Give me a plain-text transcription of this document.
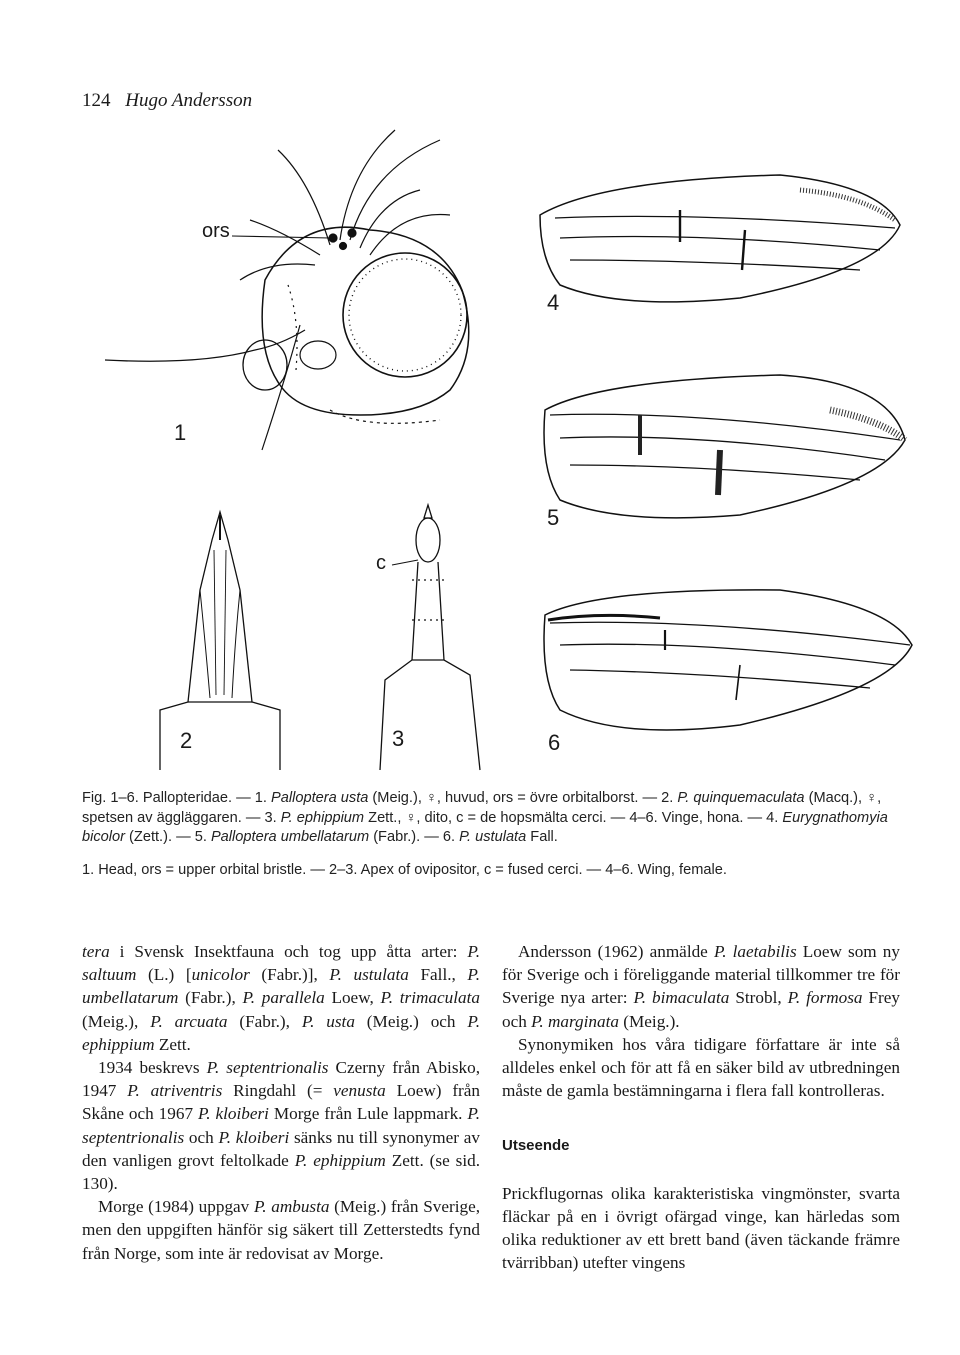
124 Hugo Andersson
ors
c
1
2	3
4
5
6

Fig. 1–6. Pallopteridae. — 1. Palloptera usta (Meig.), ♀, huvud, ors = övre orbitalborst. — 2. P. quinquemaculata (Macq.), ♀, spetsen av äggläggaren. — 3. P. ephippium Zett., ♀, dito, c = de hopsmälta cerci. — 4–6. Vinge, hona. — 4. Eurygnathomyia bicolor (Zett.). — 5. Palloptera umbellatarum (Fabr.). — 6. P. ustulata Fall.

1. Head, ors = upper orbital bristle. — 2–3. Apex of ovipositor, c = fused cerci. — 4–6. Wing, female.

tera i Svensk Insektfauna och tog upp åtta arter: P. saltuum (L.) [unicolor (Fabr.)], P. ustulata Fall., P. umbellatarum (Fabr.), P. parallela Loew, P. trimaculata (Meig.), P. arcuata (Fabr.), P. usta (Meig.) och P. ephippium Zett.

1934 beskrevs P. septentrionalis Czerny från Abisko, 1947 P. atriventris Ringdahl (= venusta Loew) från Skåne och 1967 P. kloiberi Morge från Lule lappmark. P. septentrionalis och P. kloiberi sänks nu till synonymer av den vanligen grovt feltolkade P. ephippium Zett. (se sid. 130).

Morge (1984) uppgav P. ambusta (Meig.) från Sverige, men den uppgiften hänför sig säkert till Zetterstedts fynd från Norge, som inte är redovisat av Morge.

Andersson (1962) anmälde P. laetabilis Loew som ny för Sverige och i föreliggande material tillkommer tre för Sverige nya arter: P. bimaculata Strobl, P. formosa Frey och P. marginata (Meig.).

Synonymiken hos våra tidigare författare är inte så alldeles enkel och för att få en säker bild av utbredningen måste de gamla bestämningarna i flera fall kontrolleras.

Utseende

Prickflugornas olika karakteristiska vingmönster, svarta fläckar på en i övrigt ofärgad vinge, kan härledas som olika reduktioner av ett brett band (även täckande främre tvärribban) utefter vingens
